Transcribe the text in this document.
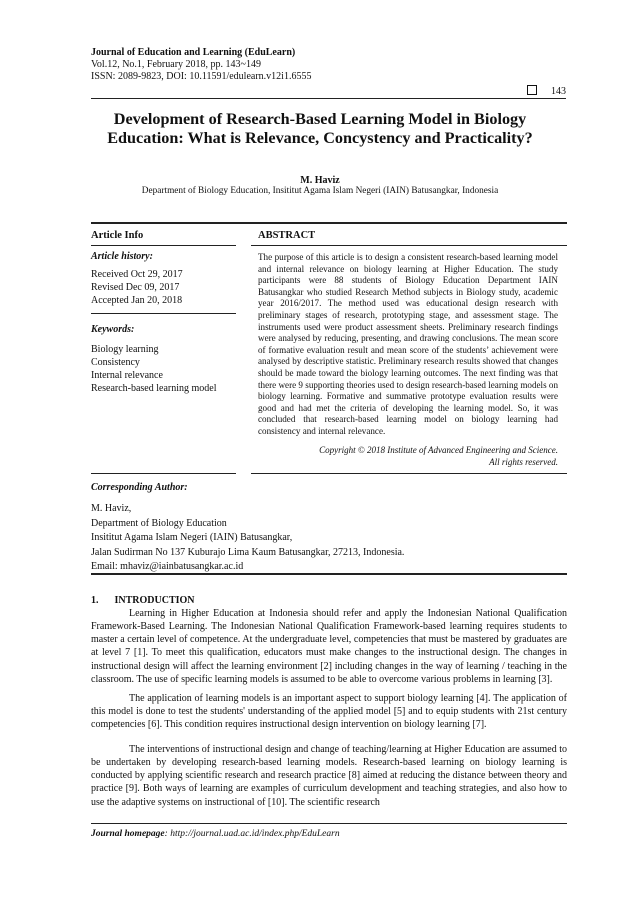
Journal of Education and Learning (EduLearn)
Vol.12, No.1, February 2018, pp. 143~149
ISSN: 2089-9823, DOI: 10.11591/edulearn.v12i1.6555
143
Development of Research-Based Learning Model in Biology Education: What is Relevance, Concystency and Practicality?
M. Haviz
Department of Biology Education, Insititut Agama Islam Negeri (IAIN) Batusangkar, Indonesia
Article Info	ABSTRACT
Article history:
Received Oct 29, 2017
Revised Dec 09, 2017
Accepted Jan 20, 2018
Keywords:
Biology learning
Consistency
Internal relevance
Research-based learning model
The purpose of this article is to design a consistent research-based learning model and internal relevance on biology learning at Higher Education. The study participants were 88 students of Biology Education Department IAIN Batusangkar who studied Research Method subjects in Biology study, academic year 2016/2017. The method used was educational design research with preliminary stages of research, prototyping stage, and assessment stage. The instruments used were product assessment sheets. Preliminary research findings were analysed by reducing, presenting, and drawing conclusions. The mean score of formative evaluation result and mean score of the students’ achievement were analysed by descriptive statistic. Preliminary research results showed that changes should be made toward the biology learning outcomes. The next finding was that there were 9 supporting theories used to design research-based learning models on biology learning. Formative and summative prototype evaluation results were good and had met the criteria of developing the learning model. So, it was concluded that research-based learning model on biology learning had consistency and internal relevance.
Copyright © 2018 Institute of Advanced Engineering and Science.
All rights reserved.
Corresponding Author:
M. Haviz,
Department of Biology Education
Insititut Agama Islam Negeri (IAIN) Batusangkar,
Jalan Sudirman No 137 Kuburajo Lima Kaum Batusangkar, 27213, Indonesia.
Email: mhaviz@iainbatusangkar.ac.id
1. INTRODUCTION
Learning in Higher Education at Indonesia should refer and apply the Indonesian National Qualification Framework-Based Learning. The Indonesian National Qualification Framework-based learning requires students to master a certain level of competence. At the undergraduate level, competencies that must be mastered by graduates are at level 7 [1]. To meet this qualification, educators must make changes to the instructional design. The changes in instructional design will affect the learning environment [2] including changes in the way of learning / teaching in the classroom. The use of specific learning models is assumed to be able to overcome various problems in learning [3].
The application of learning models is an important aspect to support biology learning [4]. The application of this model is done to test the students' understanding of the applied model [5] and to equip students with 21st century competencies [6]. This condition requires instructional design intervention on biology learning [7].
The interventions of instructional design and change of teaching/learning at Higher Education are assumed to be undertaken by developing research-based learning models. Research-based learning on biology learning is conducted by applying scientific research and research practice [8] aimed at reducing the distance between theory and practice [9]. Both ways of learning are examples of curriculum development and teaching strategies, and also how to use the adaptive systems on instructional of [10]. The scientific research
Journal homepage: http://journal.uad.ac.id/index.php/EduLearn
